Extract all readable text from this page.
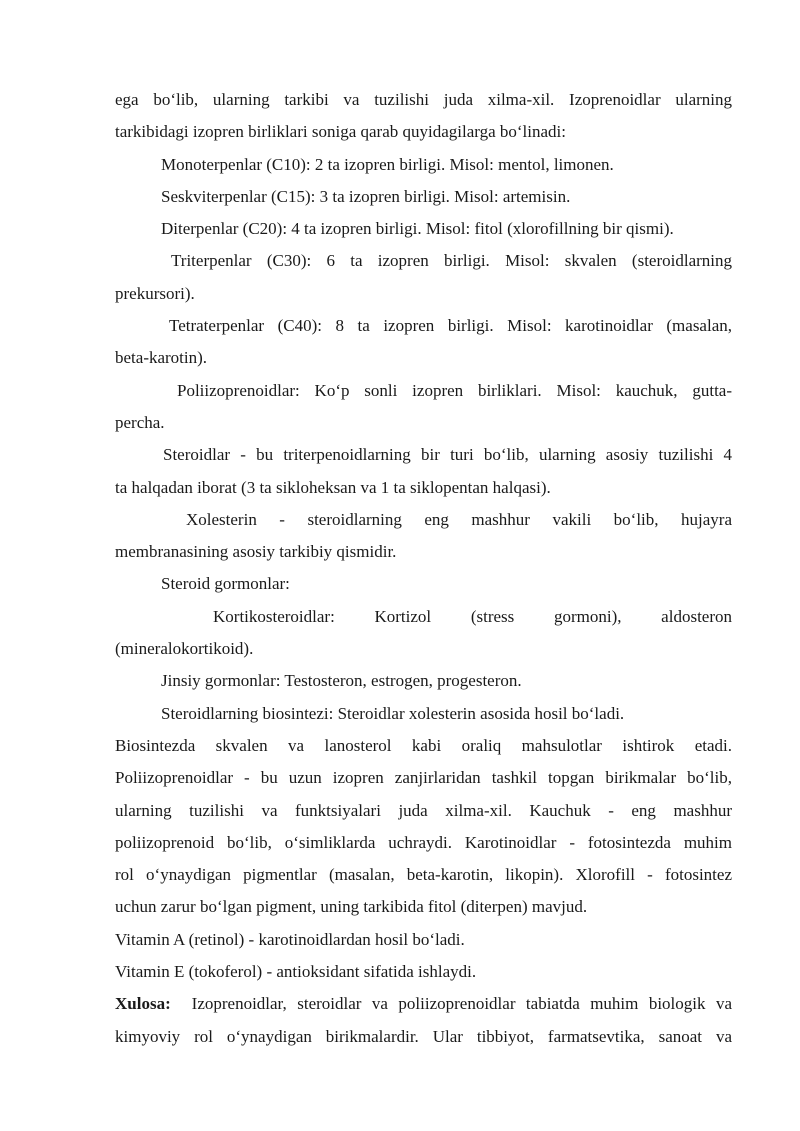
ega bo‘lib, ularning tarkibi va tuzilishi juda xilma-xil. Izoprenoidlar ularning
tarkibidagi izopren birliklari soniga qarab quyidagilarga bo‘linadi:
Monoterpenlar (C10): 2 ta izopren birligi. Misol: mentol, limonen.
Seskviterpenlar (C15): 3 ta izopren birligi. Misol: artemisin.
Diterpenlar (C20): 4 ta izopren birligi. Misol: fitol (xlorofillning bir qismi).
Triterpenlar (C30): 6 ta izopren birligi. Misol: skvalen (steroidlarning
prekursori).
Tetraterpenlar (C40): 8 ta izopren birligi. Misol: karotinoidlar (masalan,
beta-karotin).
Poliizoprenoidlar: Ko‘p sonli izopren birliklari. Misol: kauchuk, gutta-
percha.
Steroidlar - bu triterpenoidlarning bir turi bo‘lib, ularning asosiy tuzilishi 4
ta halqadan iborat (3 ta sikloheksan va 1 ta siklopentan halqasi).
Xolesterin - steroidlarning eng mashhur vakili bo‘lib, hujayra
membranasining asosiy tarkibiy qismidir.
Steroid gormonlar:
Kortikosteroidlar: Kortizol (stress gormoni), aldosteron
(mineralokortikoid).
Jinsiy gormonlar: Testosteron, estrogen, progesteron.
Steroidlarning biosintezi: Steroidlar xolesterin asosida hosil bo‘ladi.
Biosintezda skvalen va lanosterol kabi oraliq mahsulotlar ishtirok etadi.
Poliizoprenoidlar - bu uzun izopren zanjirlaridan tashkil topgan birikmalar bo‘lib,
ularning tuzilishi va funktsiyalari juda xilma-xil. Kauchuk - eng mashhur
poliizoprenoid bo‘lib, o‘simliklarda uchraydi. Karotinoidlar - fotosintezda muhim
rol o‘ynaydigan pigmentlar (masalan, beta-karotin, likopin). Xlorofill - fotosintez
uchun zarur bo‘lgan pigment, uning tarkibida fitol (diterpen) mavjud.
Vitamin A (retinol) - karotinoidlardan hosil bo‘ladi.
Vitamin E (tokoferol) - antioksidant sifatida ishlaydi.
Xulosa: Izoprenoidlar, steroidlar va poliizoprenoidlar tabiatda muhim biologik va
kimyoviy rol o‘ynaydigan birikmalardir. Ular tibbiyot, farmatsevtika, sanoat va
